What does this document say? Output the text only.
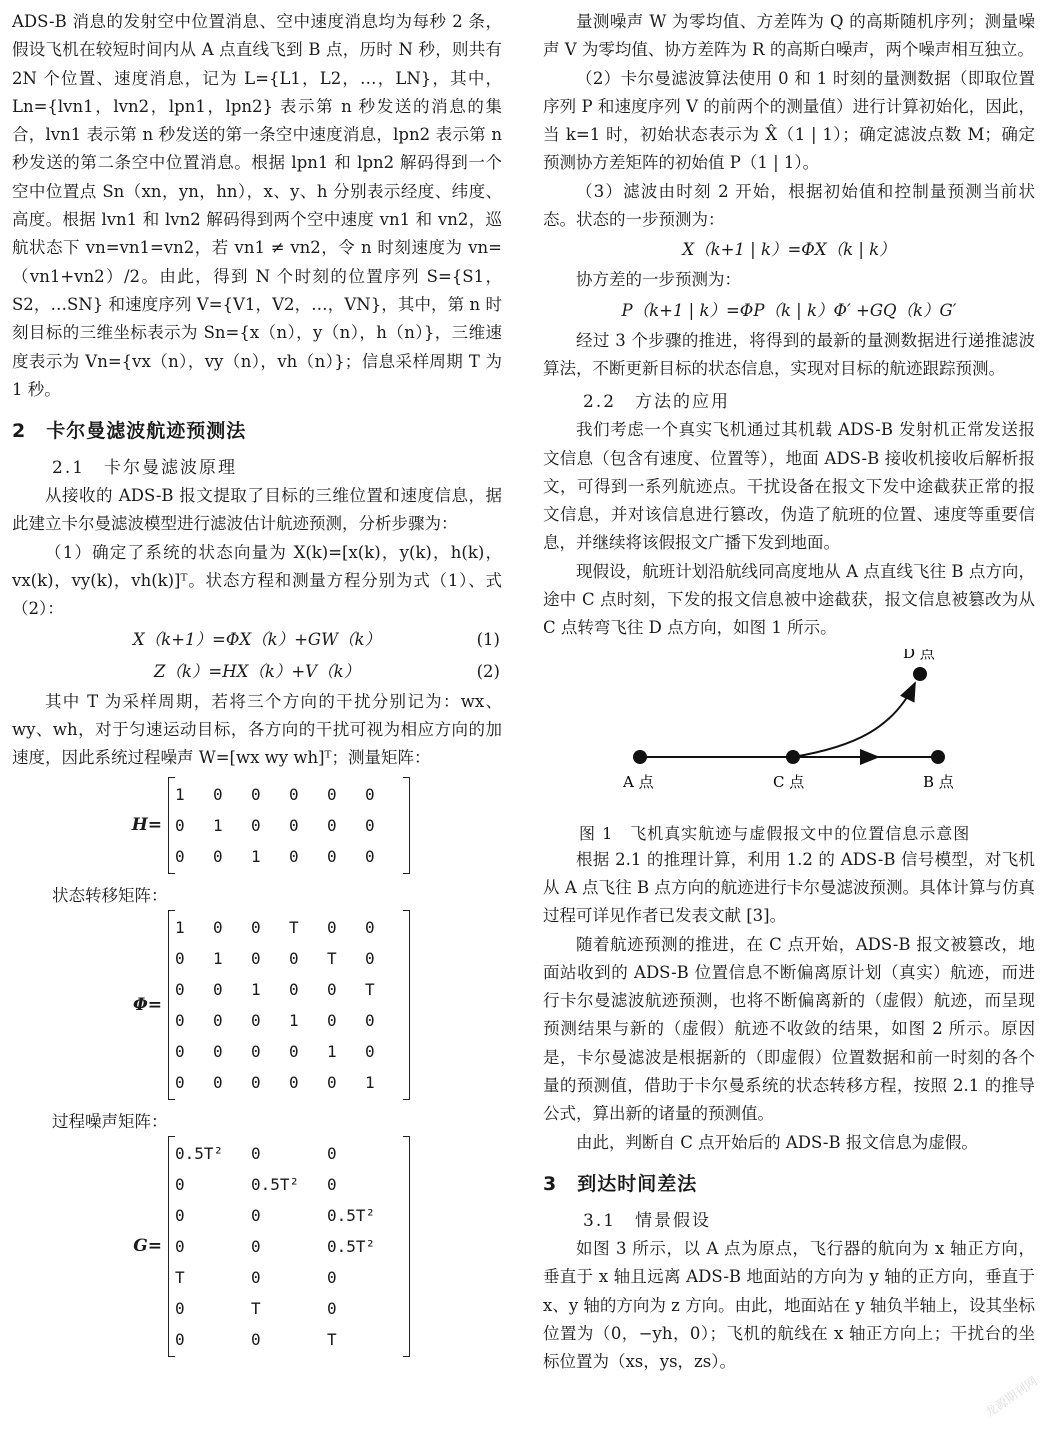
ADS-B 消息的发射空中位置消息、空中速度消息均为每秒 2 条，假设飞机在较短时间内从 A 点直线飞到 B 点，历时 N 秒，则共有 2N 个位置、速度消息，记为 L={L1，L2，…，LN}，其中，Ln={lvn1，lvn2，lpn1，lpn2} 表示第 n 秒发送的消息的集合，lvn1 表示第 n 秒发送的第一条空中速度消息，lpn2 表示第 n 秒发送的第二条空中位置消息。根据 lpn1 和 lpn2 解码得到一个空中位置点 Sn（xn，yn，hn），x、y、h 分别表示经度、纬度、高度。根据 lvn1 和 lvn2 解码得到两个空中速度 vn1 和 vn2，巡航状态下 vn=vn1=vn2，若 vn1 ≠ vn2，令 n 时刻速度为 vn=（vn1+vn2）/2。由此，得到 N 个时刻的位置序列 S={S1，S2，…SN} 和速度序列 V={V1，V2，…，VN}，其中，第 n 时刻目标的三维坐标表示为 Sn={x（n），y（n），h（n）}，三维速度表示为 Vn={vx（n），vy（n），vh（n）}；信息采样周期 T 为 1 秒。

2　卡尔曼滤波航迹预测法
2.1　卡尔曼滤波原理

从接收的 ADS-B 报文提取了目标的三维位置和速度信息，据此建立卡尔曼滤波模型进行滤波估计航迹预测，分析步骤为：

（1）确定了系统的状态向量为 X(k)=[x(k)，y(k)，h(k)，vx(k)，vy(k)，vh(k)]ᵀ。状态方程和测量方程分别为式（1）、式（2）：

X（k+1）=ΦX（k）+GW（k）	(1)
Z（k）=HX（k）+V（k）	(2)

其中 T 为采样周期，若将三个方向的干扰分别记为：wx、wy、wh，对于匀速运动目标，各方向的干扰可视为相应方向的加速度，因此系统过程噪声 W=[wx wy wh]ᵀ；测量矩阵：

H=
1	0	0	0	0	0
0	1	0	0	0	0
0	0	1	0	0	0
状态转移矩阵：
Φ=
1	0	0	T	0	0
0	1	0	0	T	0
0	0	1	0	0	T
0	0	0	1	0	0
0	0	0	0	1	0
0	0	0	0	0	1
过程噪声矩阵：
G=
0.5T²	0	0
0	0.5T²	0
0	0	0.5T²
0	0	0.5T²
T	0	0
0	T	0
0	0	T

量测噪声 W 为零均值、方差阵为 Q 的高斯随机序列；测量噪声 V 为零均值、协方差阵为 R 的高斯白噪声，两个噪声相互独立。

（2）卡尔曼滤波算法使用 0 和 1 时刻的量测数据（即取位置序列 P 和速度序列 V 的前两个的测量值）进行计算初始化，因此，当 k=1 时，初始状态表示为 X̂（1 | 1）；确定滤波点数 M；确定预测协方差矩阵的初始值 P（1 | 1）。

（3）滤波由时刻 2 开始，根据初始值和控制量预测当前状态。状态的一步预测为：

X（k+1 | k）=ΦX（k | k）

协方差的一步预测为：

P（k+1 | k）=ΦP（k | k）Φ′ +GQ（k）G′

经过 3 个步骤的推进，将得到的最新的量测数据进行递推滤波算法，不断更新目标的状态信息，实现对目标的航迹跟踪预测。

2.2　方法的应用

我们考虑一个真实飞机通过其机载 ADS-B 发射机正常发送报文信息（包含有速度、位置等），地面 ADS-B 接收机接收后解析报文，可得到一系列航迹点。干扰设备在报文下发中途截获正常的报文信息，并对该信息进行篡改，伪造了航班的位置、速度等重要信息，并继续将该假报文广播下发到地面。

现假设，航班计划沿航线同高度地从 A 点直线飞往 B 点方向，途中 C 点时刻，下发的报文信息被中途截获，报文信息被篡改为从 C 点转弯飞往 D 点方向，如图 1 所示。

A 点	C 点	B 点
D 点
图 1　飞机真实航迹与虚假报文中的位置信息示意图

根据 2.1 的推理计算，利用 1.2 的 ADS-B 信号模型，对飞机从 A 点飞往 B 点方向的航迹进行卡尔曼滤波预测。具体计算与仿真过程可详见作者已发表文献 [3]。

随着航迹预测的推进，在 C 点开始，ADS-B 报文被篡改，地面站收到的 ADS-B 位置信息不断偏离原计划（真实）航迹，而进行卡尔曼滤波航迹预测，也将不断偏离新的（虚假）航迹，而呈现预测结果与新的（虚假）航迹不收敛的结果，如图 2 所示。原因是，卡尔曼滤波是根据新的（即虚假）位置数据和前一时刻的各个量的预测值，借助于卡尔曼系统的状态转移方程，按照 2.1 的推导公式，算出新的诸量的预测值。

由此，判断自 C 点开始后的 ADS-B 报文信息为虚假。

3　到达时间差法
3.1　情景假设

如图 3 所示，以 A 点为原点，飞行器的航向为 x 轴正方向，垂直于 x 轴且远离 ADS-B 地面站的方向为 y 轴的正方向，垂直于 x、y 轴的方向为 z 方向。由此，地面站在 y 轴负半轴上，设其坐标位置为（0，−yh，0）；飞机的航线在 x 轴正方向上；干扰台的坐标位置为（xs，ys，zs）。

龙源期刊网
